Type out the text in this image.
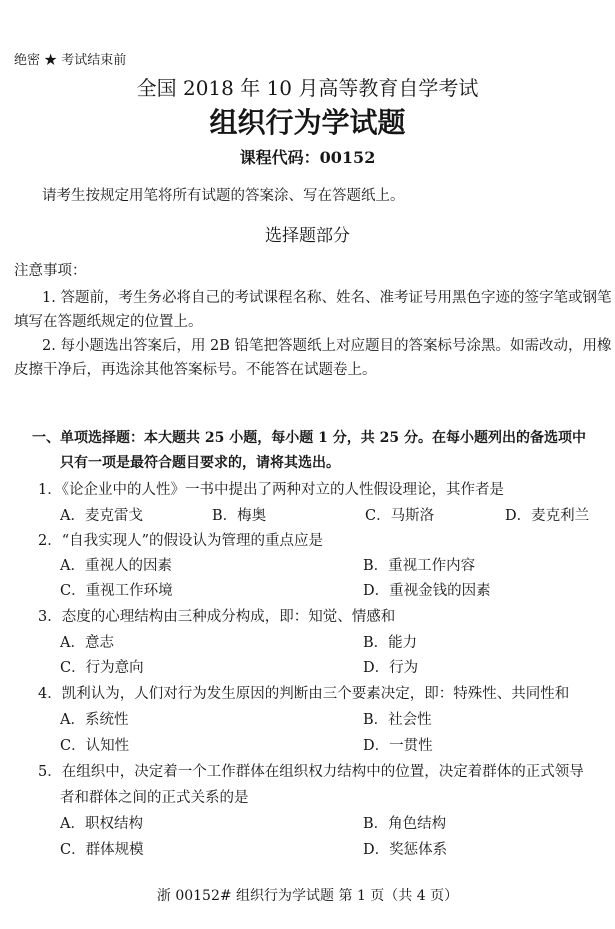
绝密 ★ 考试结束前
全国 2018 年 10 月高等教育自学考试
组织行为学试题
课程代码：00152
请考生按规定用笔将所有试题的答案涂、写在答题纸上。
选择题部分
注意事项：
1. 答题前，考生务必将自己的考试课程名称、姓名、准考证号用黑色字迹的签字笔或钢笔
填写在答题纸规定的位置上。
2. 每小题选出答案后，用 2B 铅笔把答题纸上对应题目的答案标号涂黑。如需改动，用橡
皮擦干净后，再选涂其他答案标号。不能答在试题卷上。
一、单项选择题：本大题共 25 小题，每小题 1 分，共 25 分。在每小题列出的备选项中
只有一项是最符合题目要求的，请将其选出。
1．《论企业中的人性》一书中提出了两种对立的人性假设理论，其作者是
A．麦克雷戈	B．梅奥	C．马斯洛	D．麦克利兰
2．“自我实现人”的假设认为管理的重点应是
A．重视人的因素	B．重视工作内容
C．重视工作环境	D．重视金钱的因素
3．态度的心理结构由三种成分构成，即：知觉、情感和
A．意志	B．能力
C．行为意向	D．行为
4．凯利认为，人们对行为发生原因的判断由三个要素决定，即：特殊性、共同性和
A．系统性	B．社会性
C．认知性	D．一贯性
5．在组织中，决定着一个工作群体在组织权力结构中的位置，决定着群体的正式领导
者和群体之间的正式关系的是
A．职权结构	B．角色结构
C．群体规模	D．奖惩体系
浙 00152# 组织行为学试题 第 1 页（共 4 页）
